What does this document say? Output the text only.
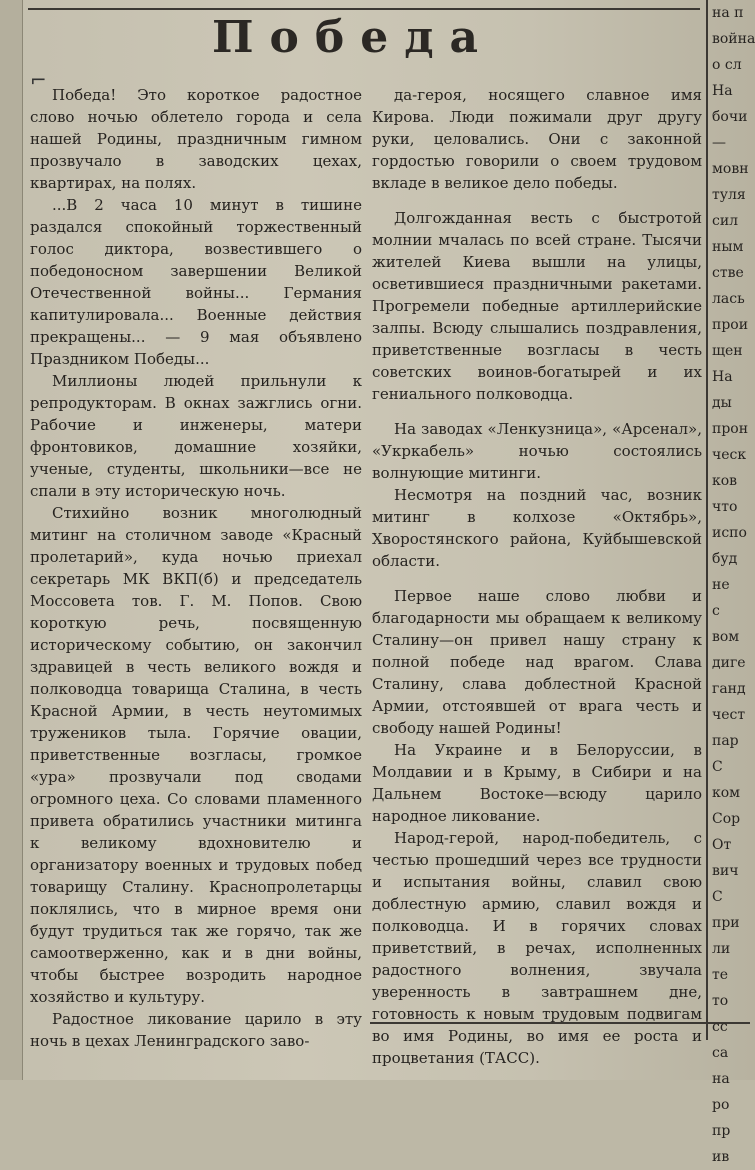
Победа

Победа! Это короткое радостное слово ночью облетело города и села нашей Родины, праздничным гимном прозвучало в заводских цехах, квартирах, на полях.

...В 2 часа 10 минут в тишине раздался спокойный торжественный голос диктора, возвестившего о победоносном завершении Великой Отечественной войны... Германия капитулировала... Военные действия прекращены... — 9 мая объявлено Праздником Победы...

Миллионы людей прильнули к репродукторам. В окнах зажглись огни. Рабочие и инженеры, матери фронтовиков, домашние хозяйки, ученые, студенты, школьники—все не спали в эту историческую ночь.

Стихийно возник многолюдный митинг на столичном заводе «Красный пролетарий», куда ночью приехал секретарь МК ВКП(б) и председатель Моссовета тов. Г. М. Попов. Свою короткую речь, посвященную историческому событию, он закончил здравицей в честь великого вождя и полководца товарища Сталина, в честь Красной Армии, в честь неутомимых тружеников тыла. Горячие овации, приветственные возгласы, громкое «ура» прозвучали под сводами огромного цеха. Со словами пламенного привета обратились участники митинга к великому вдохновителю и организатору военных и трудовых побед товарищу Сталину. Краснопролетарцы поклялись, что в мирное время они будут трудиться так же горячо, так же самоотверженно, как и в дни войны, чтобы быстрее возродить народное хозяйство и культуру.

Радостное ликование царило в эту ночь в цехах Ленинградского заво-

да-героя, носящего славное имя Кирова. Люди пожимали друг другу руки, целовались. Они с законной гордостью говорили о своем трудовом вкладе в великое дело победы.

Долгожданная весть с быстротой молнии мчалась по всей стране. Тысячи жителей Киева вышли на улицы, осветившиеся праздничными ракетами. Прогремели победные артиллерийские залпы. Всюду слышались поздравления, приветственные возгласы в честь советских воинов-богатырей и их гениального полководца.

На заводах «Ленкузница», «Арсенал», «Укркабель» ночью состоялись волнующие митинги.

Несмотря на поздний час, возник митинг в колхозе «Октябрь», Хворостянского района, Куйбышевской области.

Первое наше слово любви и благодарности мы обращаем к великому Сталину—он привел нашу страну к полной победе над врагом. Слава Сталину, слава доблестной Красной Армии, отстоявшей от врага честь и свободу нашей Родины!

На Украине и в Белоруссии, в Молдавии и в Крыму, в Сибири и на Дальнем Востоке—всюду царило народное ликование.

Народ-герой, народ-победитель, с честью прошедший через все трудности и испытания войны, славил свою доблестную армию, славил вождя и полководца. И в горячих словах приветствий, в речах, исполненных радостного волнения, звучала уверенность в завтрашнем дне, готовность к новым трудовым подвигам во имя Родины, во имя ее роста и процветания (ТАСС).

на п
война
о сл
На
бочи
—
мовн
туля
сил
ным
стве
лась
прои
щен
На
ды
прон
ческ
ков
что
испо
буд
не
с
вом
диге
ганд
чест
пар
С
ком
Сор
От
вич
С
при
ли
те
то
сс
са
на
ро
пр
ив
⌐
